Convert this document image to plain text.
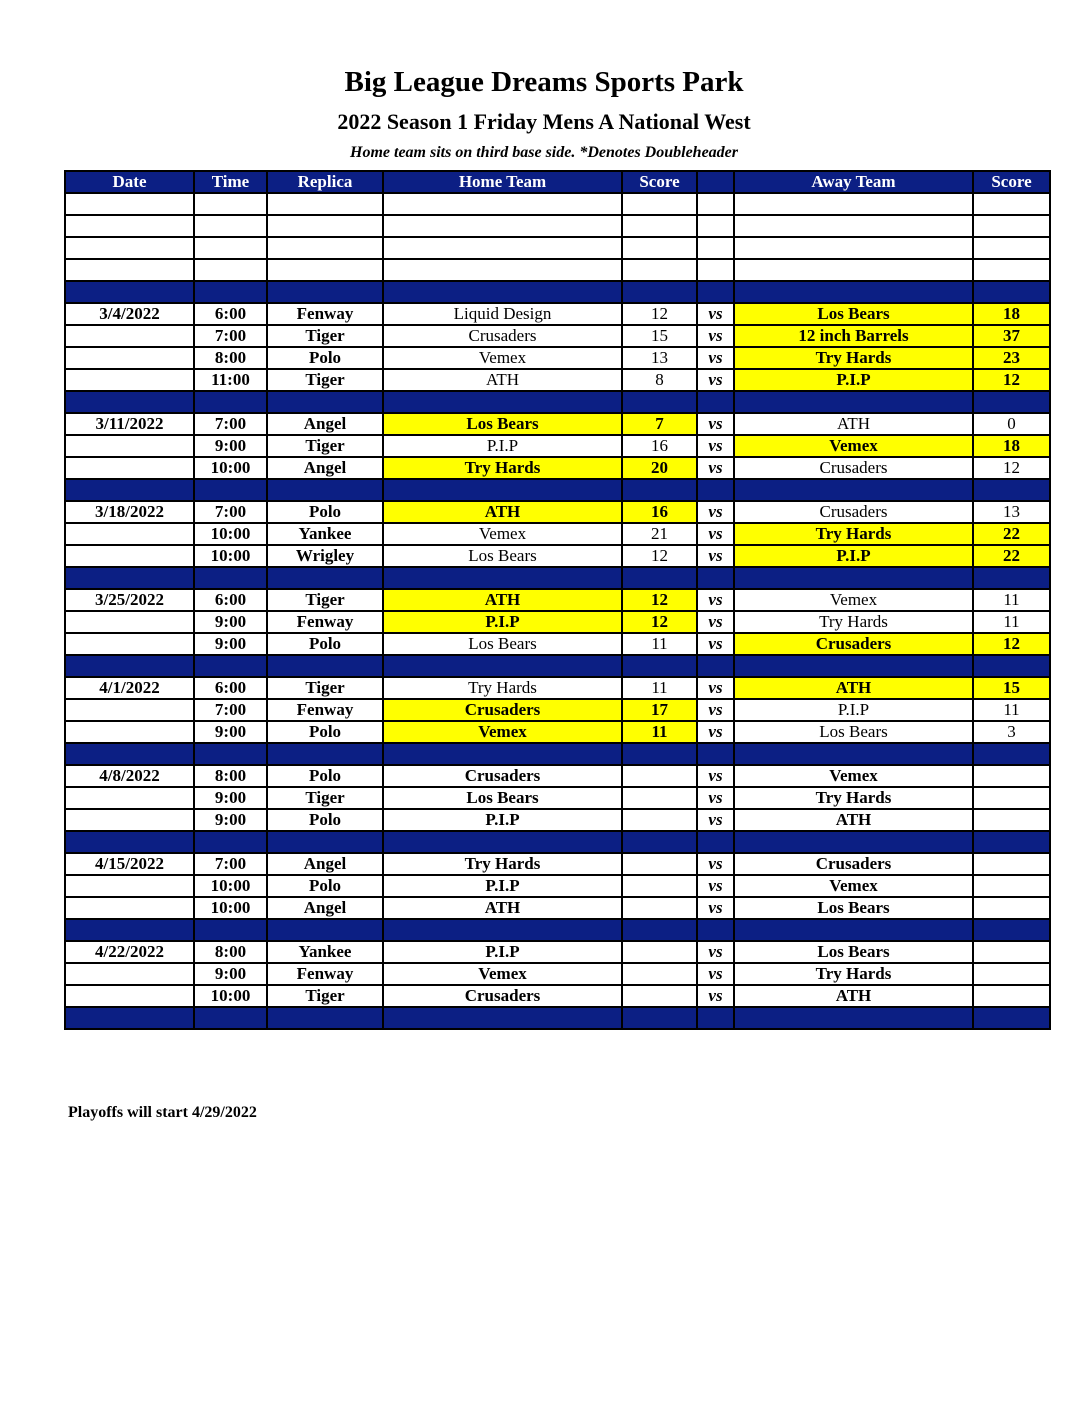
Big League Dreams Sports Park
2022 Season 1 Friday Mens A National West
Home team sits on third base side. *Denotes Doubleheader
Date	Time	Replica	Home Team	Score		Away Team	Score

3/4/2022	6:00	Fenway	Liquid Design	12	vs	Los Bears	18
	7:00	Tiger	Crusaders	15	vs	12 inch Barrels	37
	8:00	Polo	Vemex	13	vs	Try Hards	23
	11:00	Tiger	ATH	8	vs	P.I.P	12

3/11/2022	7:00	Angel	Los Bears	7	vs	ATH	0
	9:00	Tiger	P.I.P	16	vs	Vemex	18
	10:00	Angel	Try Hards	20	vs	Crusaders	12

3/18/2022	7:00	Polo	ATH	16	vs	Crusaders	13
	10:00	Yankee	Vemex	21	vs	Try Hards	22
	10:00	Wrigley	Los Bears	12	vs	P.I.P	22

3/25/2022	6:00	Tiger	ATH	12	vs	Vemex	11
	9:00	Fenway	P.I.P	12	vs	Try Hards	11
	9:00	Polo	Los Bears	11	vs	Crusaders	12

4/1/2022	6:00	Tiger	Try Hards	11	vs	ATH	15
	7:00	Fenway	Crusaders	17	vs	P.I.P	11
	9:00	Polo	Vemex	11	vs	Los Bears	3

4/8/2022	8:00	Polo	Crusaders		vs	Vemex	
	9:00	Tiger	Los Bears		vs	Try Hards	
	9:00	Polo	P.I.P		vs	ATH	

4/15/2022	7:00	Angel	Try Hards		vs	Crusaders	
	10:00	Polo	P.I.P		vs	Vemex	
	10:00	Angel	ATH		vs	Los Bears	

4/22/2022	8:00	Yankee	P.I.P		vs	Los Bears	
	9:00	Fenway	Vemex		vs	Try Hards	
	10:00	Tiger	Crusaders		vs	ATH	

Playoffs will start 4/29/2022
